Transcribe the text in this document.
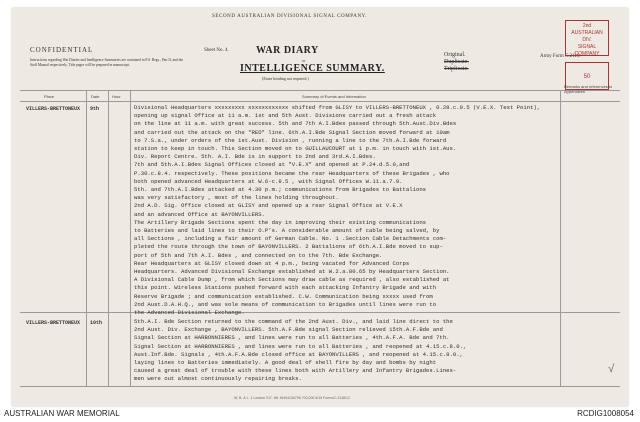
SECOND AUSTRALIAN DIVISIONAL SIGNAL COMPANY.
CONFIDENTIAL
Instructions regarding War Diaries and Intelligence Summaries are contained in F.S. Regs., Part II, and the Staff Manual respectively. Title pages will be prepared in manuscript.
Sheet No. 4.	WAR DIARY
or
INTELLIGENCE SUMMARY.
(Erase heading not required.)
Original.
Duplicate.
Triplicate.
Army Form C.2118.
2nd
AUSTRALIAN DIV.
SIGNAL COMPANY
50
Place	Date	Hour	Summary of Events and Information
Remarks and references to Appendices
VILLERS-BRETTONEUX	9th	Divisional Headquarters xxxxxxxxx xxxxxxxxxxxx shifted from GLISY to VILLERS-BRETTONEUX , 0.28.c.9.5 (V.E.X. Test Point),
opening up signal Office at 11 a.m. 1st and 5th Aust. Divisions carried out a fresh attack
on the line at 11 a.m. with great success. 5th and 7th A.I.Bdes passed through 5th.Aust.Div.Bdes
and carried out the attack on the "RED" line. 6th.A.I.Bde Signal Section moved forward at 10am
to 7.S.a., under orders of the 1st.Aust. Division , running a line to the 7th.A.I.Bde forward
station to keep in touch. This Section moved on to GUILLAUCOURT at 1 p.m. in touch with 1st.Aus.
Div. Report Centre. 5th. A.I. Bde is in support to 2nd and 3rd.A.I.Bdes.
7th and 5th.A.I.Bdes Signal Offices closed at "V.E.X" and opened at P.24.d.5.0,and
P.30.c.8.4. respectively. These positions became the rear Headquarters of these Brigades , who
both opened advanced Headquarters at W.6-c.8.5 , with Signal Offices W.11.a.7.9.
5th. and 7th.A.I.Bdes attacked at 4.30 p.m.; communications from Brigades to Battalions
was very satisfactory , most of the lines holding throughout.
2nd A.D. Sig. Office closed at GLISY and opened up a rear Signal Office at V.E.X
and an advanced Office at BAYONVILLERS.
The Artillery Brigade Sections spent the day in improving their existing communications
to Batteries and laid lines to their O.P's. A considerable amount of cable being salved, by
all Sections , including a fair amount of German Cable. No. 1 .Section Cable Detachments com-
pleted the route through the town of BAYONVILLERS. 2 Battalions of 6th.A.I.Bde moved to sup-
port of 5th and 7th A.I. Bdes , and connected on to the 7th. Bde Exchange.
Rear Headquarters at GLISY closed down at 4 p.m., being vacated for Advanced Corps
Headquarters. Advanced Divisional Exchange established at W.2.a.80.65 by Headquarters Section.
A Divisional Cable Dump , from which Sections may draw cable as required , also established at
this point. Wireless Stations pushed forward with each attacking Infantry Brigade and with
Reserve Brigade ; and communication established. C.W. Communication being xxxxx used from
2nd Aust.D.A.H.Q., and was sole means of communication to Brigades until lines were run to
the Advanced Divisional Exchange.
VILLERS-BRETTONEUX	10th	5th.A.I. Bde Section returned to the command of the 2nd Aust. Div., and laid line direct to the
2nd Aust. Div. Exchange , BAYONVILLERS. 5th.A.F.Bde signal Section relieved 15th.A.F.Bde and
Signal Section at HARBONNIERES , and lines were run to all Batteries , 4th.A.F.A. Bde and 7th.
Signal Section at HARBONNIERES , and lines were run to all Batteries , and reopened at 4.15.c.8.0.,
Aust.Inf.Bde. Signals , 4th.A.F.A.Bde closed office at BAYONVILLERS , and reopened at 4.15.c.8.0.,
laying lines to Batteries immediately. A good deal of shell fire by day and bombs by night
caused a great deal of trouble with these lines both with Artillery and Infantry Brigades.Lines-
men were out almost continuously repairing breaks.
√
W. B. & L. 1 London S.E. Wt. W4041/M706 700,000 5/15 Forms/C.2118/12
AUSTRALIAN WAR MEMORIAL	RCDIG1008054
